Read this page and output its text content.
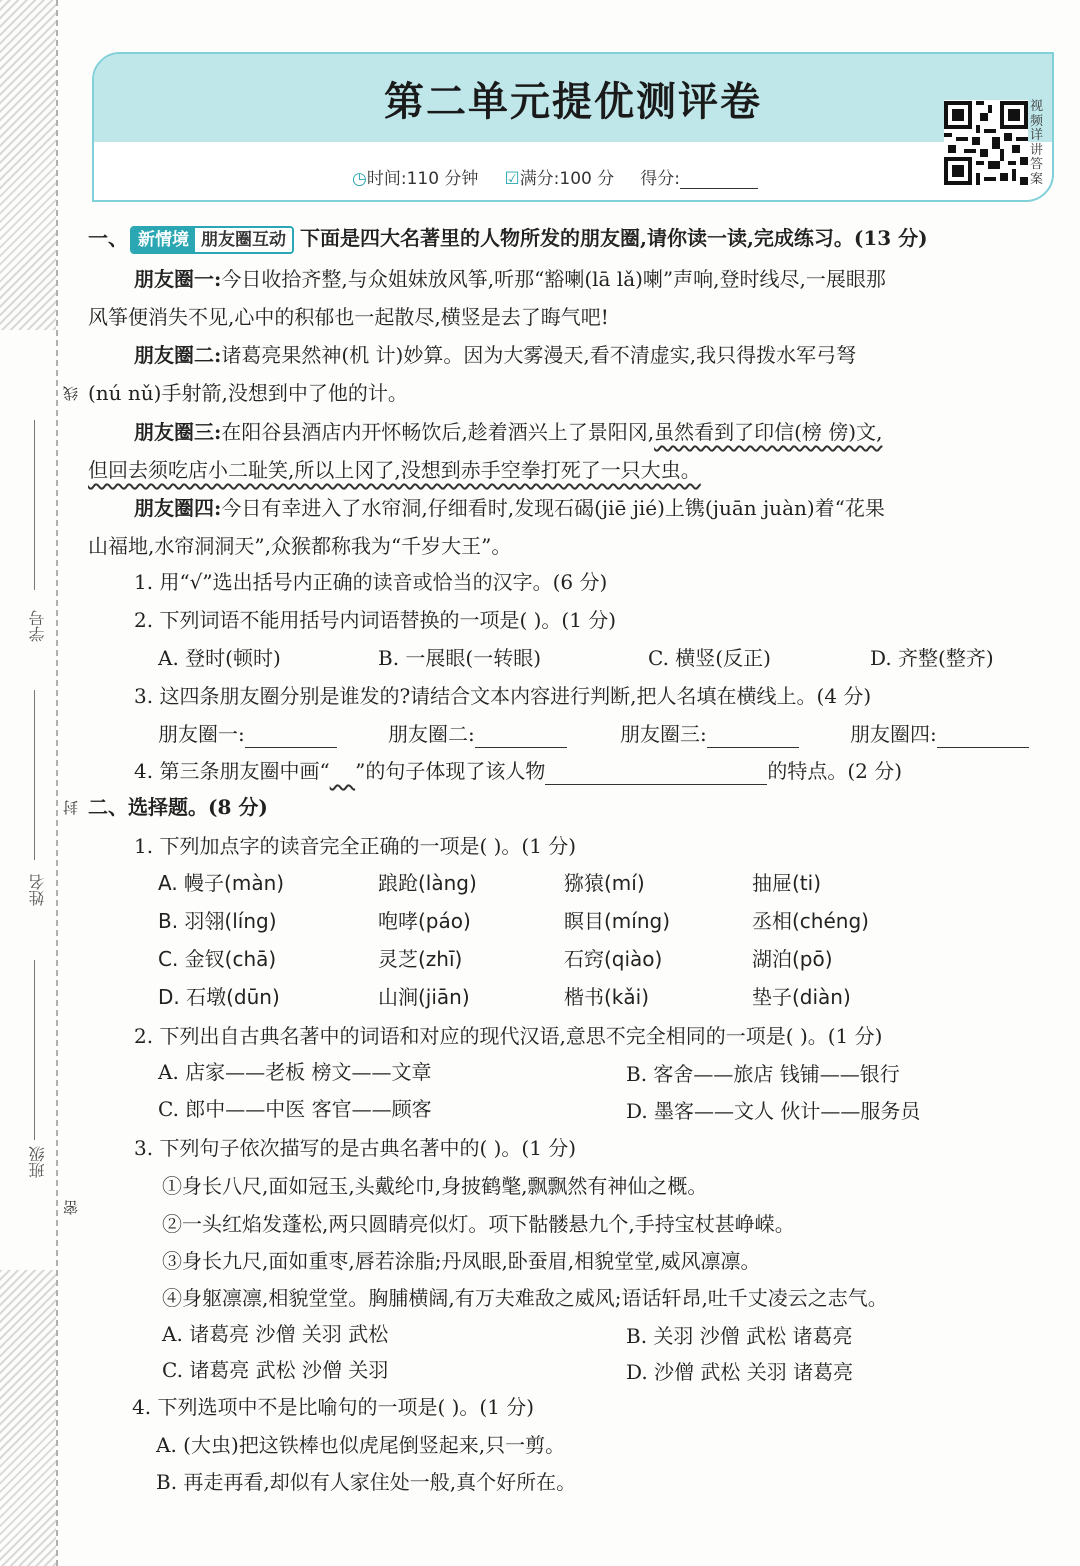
线
封
密
学号
姓名
班级
第二单元提优测评卷
◷时间:110 分钟 ☑满分:100 分 得分:
视频详讲答案
一、 新情境 朋友圈互动 下面是四大名著里的人物所发的朋友圈,请你读一读,完成练习。(13 分)
朋友圈一:今日收拾齐整,与众姐妹放风筝,听那“豁喇(lā lǎ)喇”声响,登时线尽,一展眼那
风筝便消失不见,心中的积郁也一起散尽,横竖是去了晦气吧!
朋友圈二:诸葛亮果然神(机 计)妙算。因为大雾漫天,看不清虚实,我只得拨水军弓弩
(nú nǔ)手射箭,没想到中了他的计。
朋友圈三:在阳谷县酒店内开怀畅饮后,趁着酒兴上了景阳冈,虽然看到了印信(榜 傍)文,
但回去须吃店小二耻笑,所以上冈了,没想到赤手空拳打死了一只大虫。
朋友圈四:今日有幸进入了水帘洞,仔细看时,发现石碣(jiē jié)上镌(juān juàn)着“花果
山福地,水帘洞洞天”,众猴都称我为“千岁大王”。
1. 用“√”选出括号内正确的读音或恰当的汉字。(6 分)
2. 下列词语不能用括号内词语替换的一项是( )。(1 分)
A. 登时(顿时)	B. 一展眼(一转眼)	C. 横竖(反正)	D. 齐整(整齐)
3. 这四条朋友圈分别是谁发的?请结合文本内容进行判断,把人名填在横线上。(4 分)
朋友圈一:	朋友圈二:	朋友圈三:	朋友圈四:
4. 第三条朋友圈中画“ ”的句子体现了该人物	的特点。(2 分)
二、选择题。(8 分)
1. 下列加点字的读音完全正确的一项是( )。(1 分)
A. 幔子(màn)	踉跄(làng)	猕猿(mí)	抽屉(ti)
B. 羽翎(líng)	咆哮(páo)	瞑目(míng)	丞相(chéng)
C. 金钗(chā)	灵芝(zhī)	石窍(qiào)	湖泊(pō)
D. 石墩(dūn)	山涧(jiān)	楷书(kǎi)	垫子(diàn)
2. 下列出自古典名著中的词语和对应的现代汉语,意思不完全相同的一项是( )。(1 分)
A. 店家——老板 榜文——文章	B. 客舍——旅店 钱铺——银行
C. 郎中——中医 客官——顾客	D. 墨客——文人 伙计——服务员
3. 下列句子依次描写的是古典名著中的( )。(1 分)
①身长八尺,面如冠玉,头戴纶巾,身披鹤氅,飘飘然有神仙之概。
②一头红焰发蓬松,两只圆睛亮似灯。项下骷髅悬九个,手持宝杖甚峥嵘。
③身长九尺,面如重枣,唇若涂脂;丹凤眼,卧蚕眉,相貌堂堂,威风凛凛。
④身躯凛凛,相貌堂堂。胸脯横阔,有万夫难敌之威风;语话轩昂,吐千丈凌云之志气。
A. 诸葛亮 沙僧 关羽 武松	B. 关羽 沙僧 武松 诸葛亮
C. 诸葛亮 武松 沙僧 关羽	D. 沙僧 武松 关羽 诸葛亮
4. 下列选项中不是比喻句的一项是( )。(1 分)
A. (大虫)把这铁棒也似虎尾倒竖起来,只一剪。
B. 再走再看,却似有人家住处一般,真个好所在。
